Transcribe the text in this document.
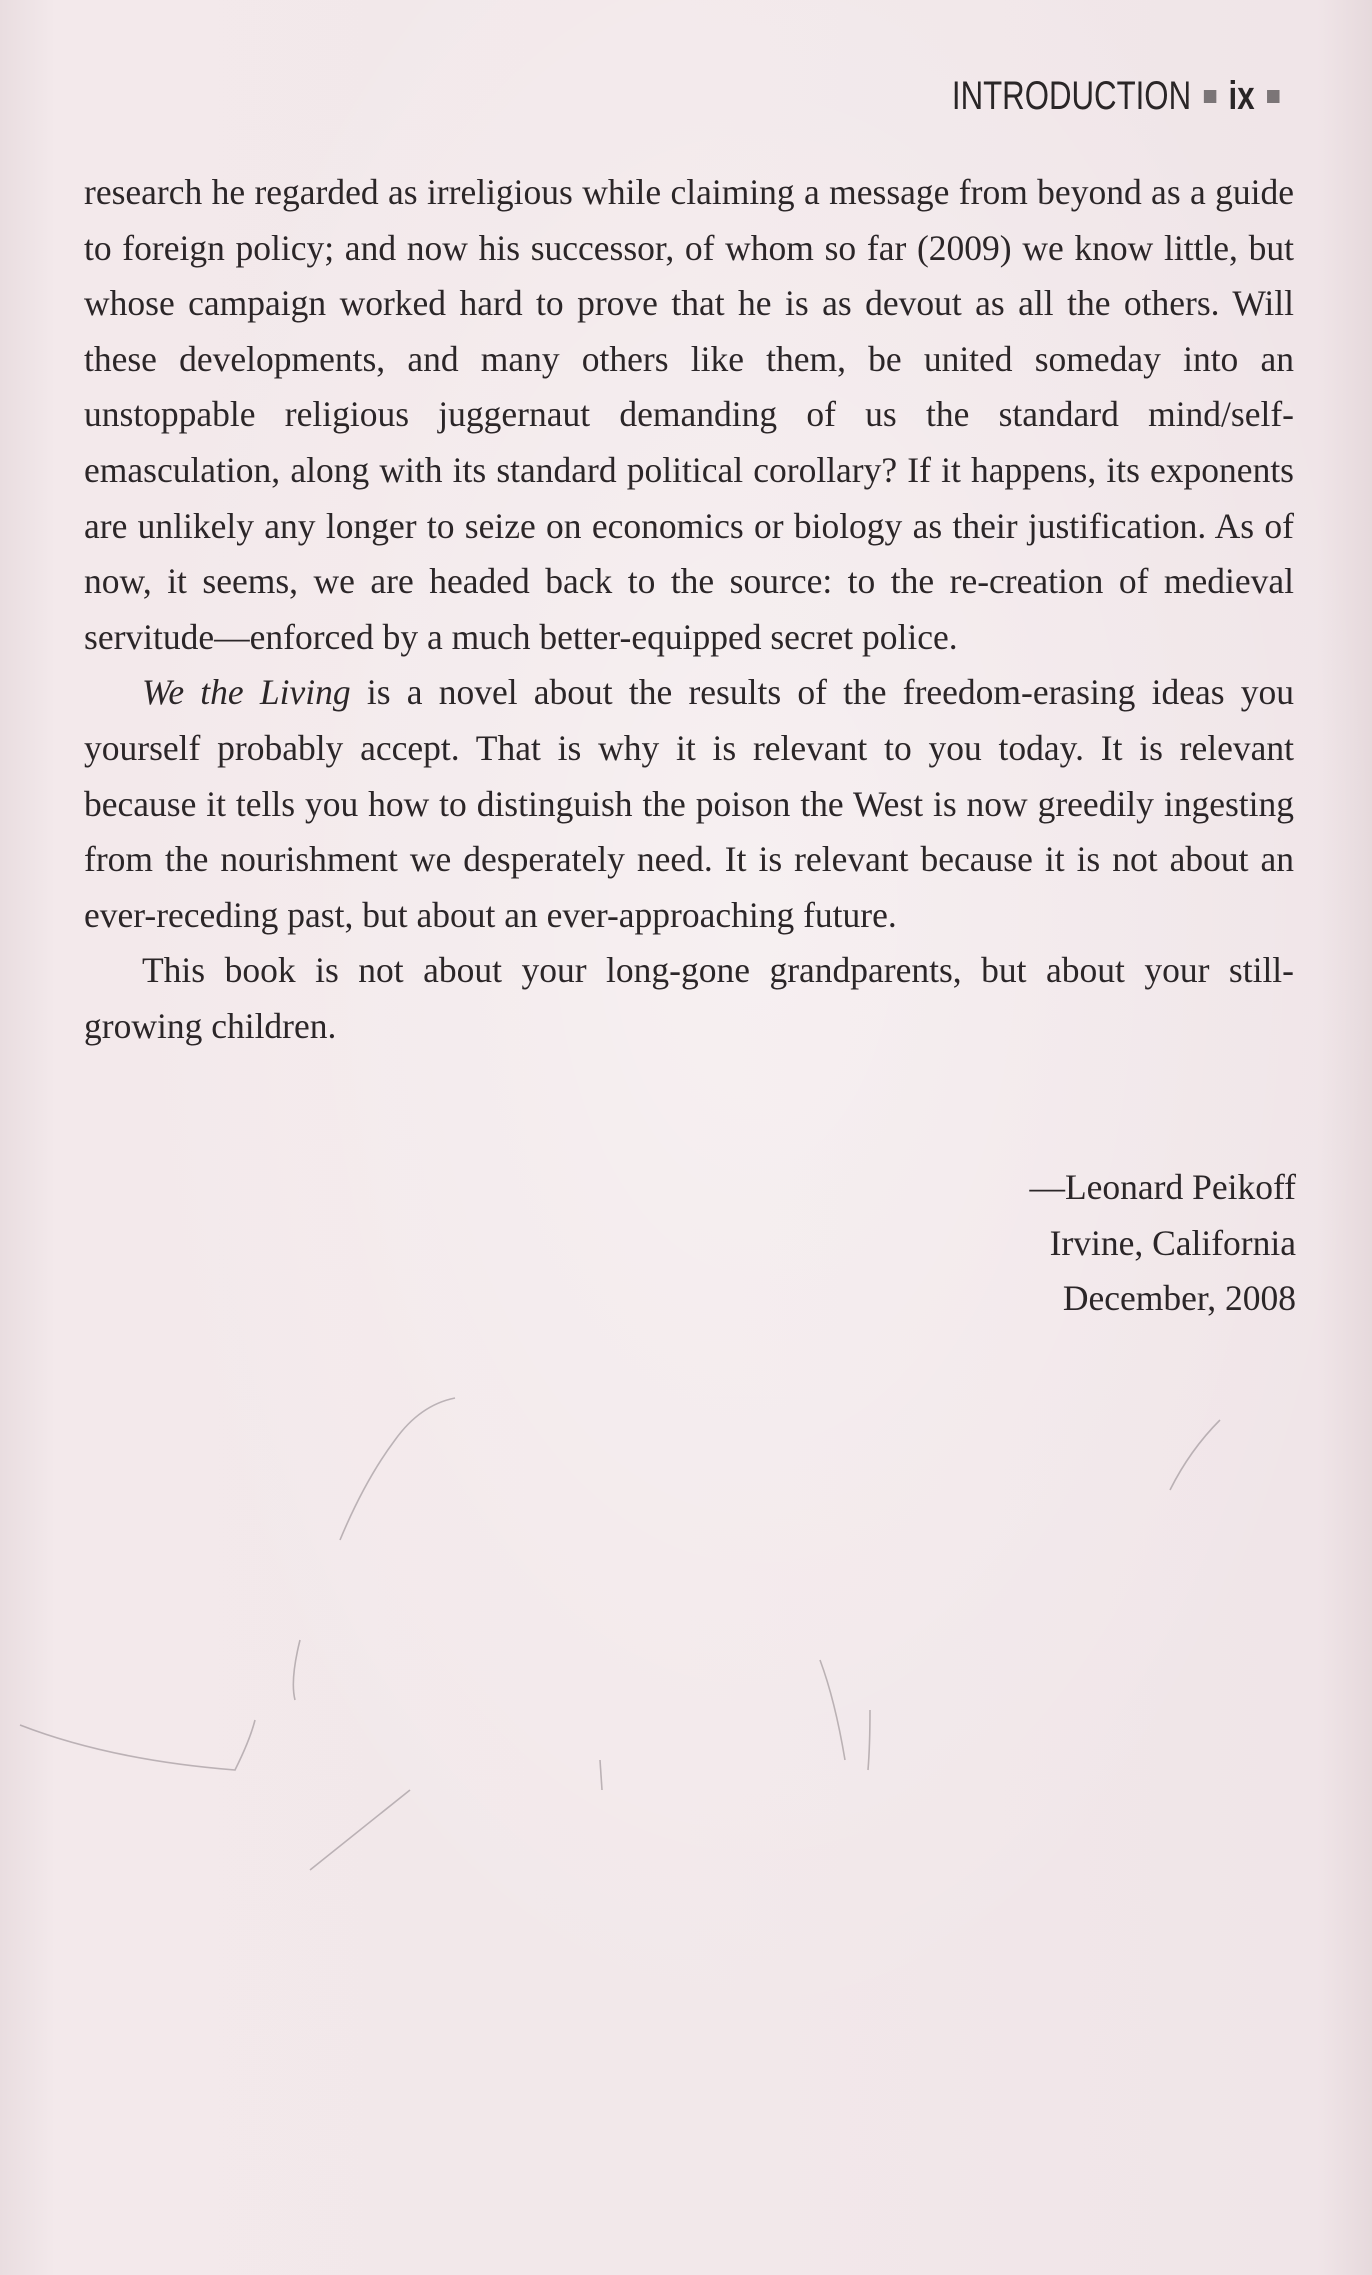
INTRODUCTION ix

research he regarded as irreligious while claiming a message from beyond as a guide to foreign policy; and now his successor, of whom so far (2009) we know little, but whose campaign worked hard to prove that he is as devout as all the others. Will these developments, and many others like them, be united someday into an unstoppable religious juggernaut demanding of us the standard mind/self-emasculation, along with its standard political corollary? If it happens, its exponents are unlikely any longer to seize on economics or biology as their justification. As of now, it seems, we are headed back to the source: to the re-creation of medieval servitude—enforced by a much better-equipped secret police.

We the Living is a novel about the results of the freedom-erasing ideas you yourself probably accept. That is why it is relevant to you today. It is relevant because it tells you how to distinguish the poison the West is now greedily ingesting from the nourishment we desperately need. It is relevant because it is not about an ever-receding past, but about an ever-approaching future.

This book is not about your long-gone grandparents, but about your still-growing children.

—Leonard Peikoff
Irvine, California
December, 2008
